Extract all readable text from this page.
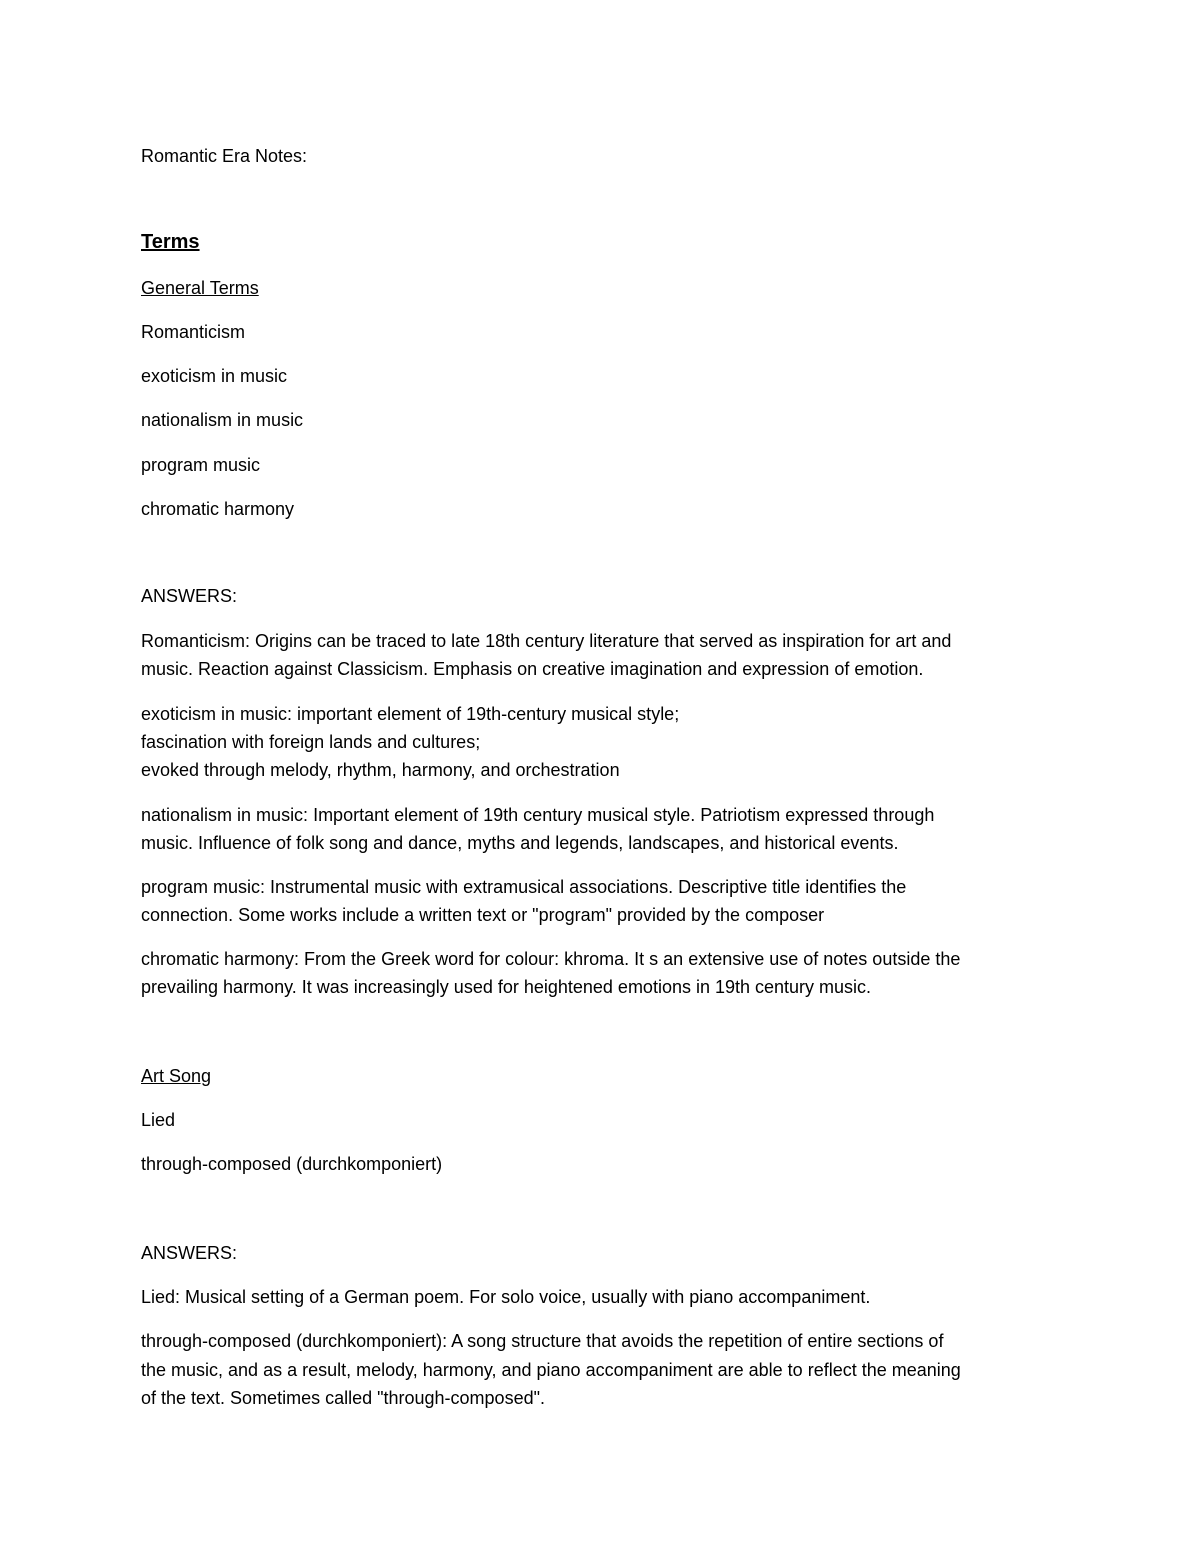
Romantic Era Notes:

Terms

General Terms

Romanticism

exoticism in music

nationalism in music

program music

chromatic harmony

ANSWERS:

Romanticism: Origins can be traced to late 18th century literature that served as inspiration for art and

music. Reaction against Classicism. Emphasis on creative imagination and expression of emotion.

exoticism in music: important element of 19th-century musical style;

fascination with foreign lands and cultures;

evoked through melody, rhythm, harmony, and orchestration

nationalism in music: Important element of 19th century musical style. Patriotism expressed through

music. Influence of folk song and dance, myths and legends, landscapes, and historical events.

program music: Instrumental music with extramusical associations. Descriptive title identifies the

connection. Some works include a written text or "program" provided by the composer

chromatic harmony: From the Greek word for colour: khroma. It s an extensive use of notes outside the

prevailing harmony. It was increasingly used for heightened emotions in 19th century music.

Art Song

Lied

through-composed (durchkomponiert)

ANSWERS:

Lied: Musical setting of a German poem. For solo voice, usually with piano accompaniment.

through-composed (durchkomponiert): A song structure that avoids the repetition of entire sections of

the music, and as a result, melody, harmony, and piano accompaniment are able to reflect the meaning

of the text. Sometimes called "through-composed".
